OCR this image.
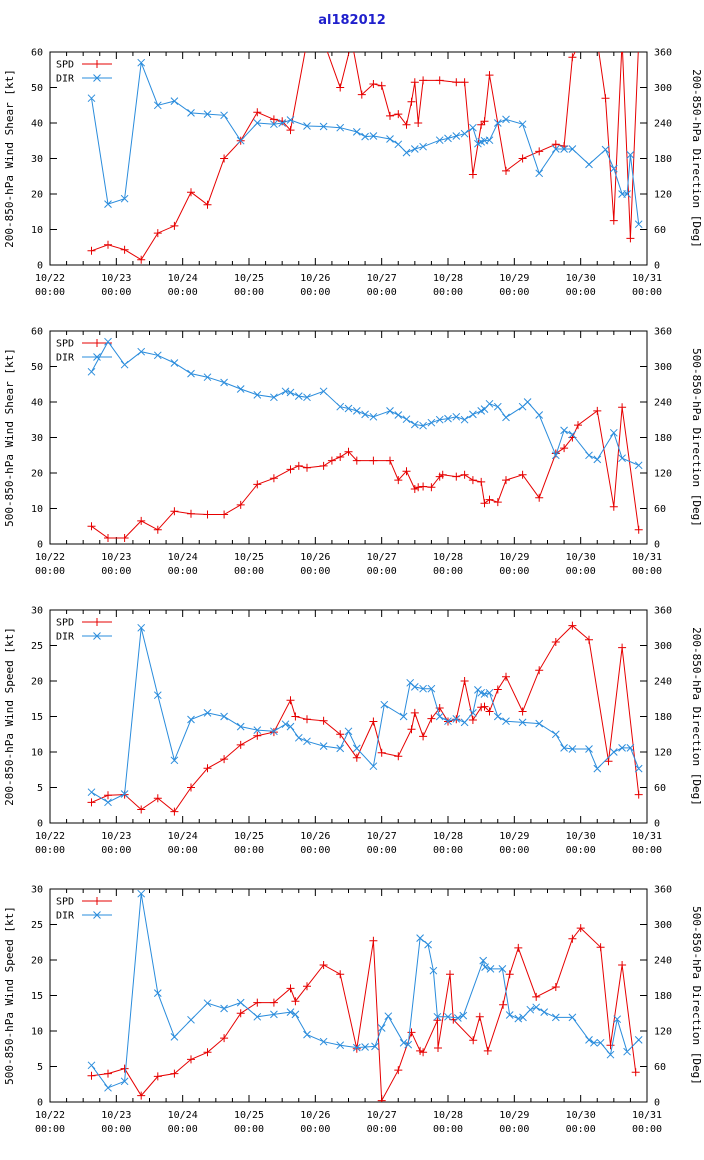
al182012
10/22
00:00
10/23
00:00
10/24
00:00
10/25
00:00
10/26
00:00
10/27
00:00
10/28
00:00
10/29
00:00
10/30
00:00
10/31
00:00
0
10
20
30
40
50
60
0
60
120
180
240
300
360
200-850-hPa Wind Shear [kt]	200-850-hPa Direction [Deg]
SPD
DIR
10/22
00:00
10/23
00:00
10/24
00:00
10/25
00:00
10/26
00:00
10/27
00:00
10/28
00:00
10/29
00:00
10/30
00:00
10/31
00:00
0
10
20
30
40
50
60
0
60
120
180
240
300
360
500-850-hPa Wind Shear [kt]	500-850-hPa Direction [Deg]
SPD
DIR
10/22
00:00
10/23
00:00
10/24
00:00
10/25
00:00
10/26
00:00
10/27
00:00
10/28
00:00
10/29
00:00
10/30
00:00
10/31
00:00
0
5
10
15
20
25
30
0
60
120
180
240
300
360
200-850-hPa Wind Speed [kt]	200-850-hPa Direction [Deg]
SPD
DIR
10/22
00:00
10/23
00:00
10/24
00:00
10/25
00:00
10/26
00:00
10/27
00:00
10/28
00:00
10/29
00:00
10/30
00:00
10/31
00:00
0
5
10
15
20
25
30
0
60
120
180
240
300
360
500-850-hPa Wind Speed [kt]	500-850-hPa Direction [Deg]
SPD
DIR
